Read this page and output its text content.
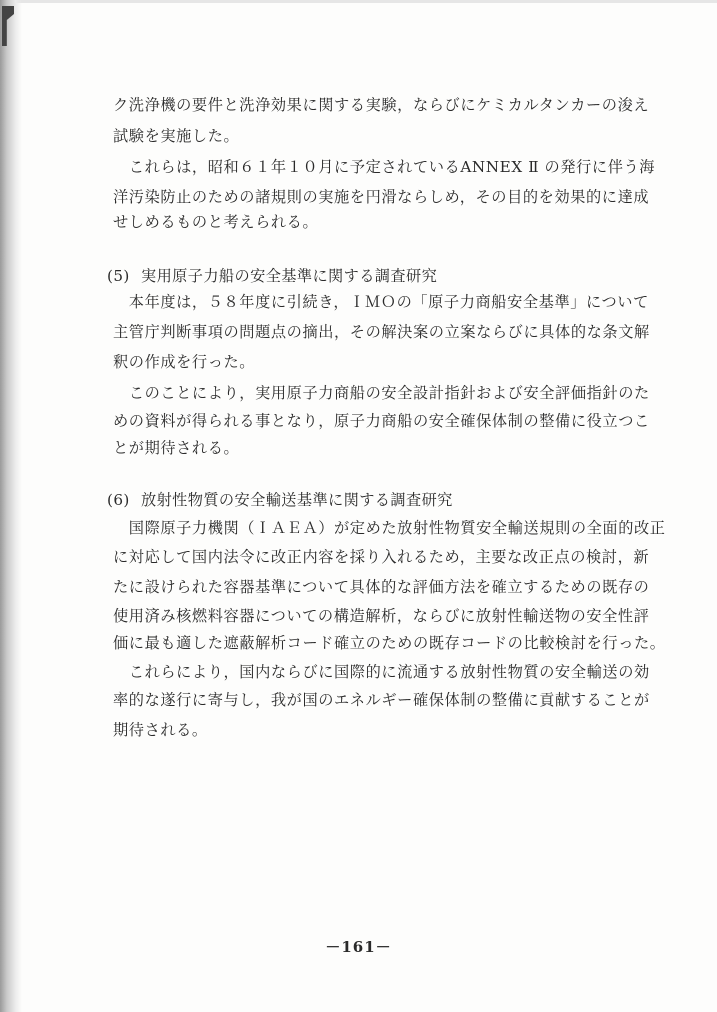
ク洗浄機の要件と洗浄効果に関する実験，ならびにケミカルタンカーの浚え
試験を実施した。
　これらは，昭和６１年１０月に予定されているANNEX Ⅱ の発行に伴う海
洋汚染防止のための諸規則の実施を円滑ならしめ，その目的を効果的に達成
せしめるものと考えられる。
(5) 実用原子力船の安全基準に関する調査研究
　本年度は，５８年度に引続き，ＩＭＯの「原子力商船安全基準」について
主管庁判断事項の問題点の摘出，その解決案の立案ならびに具体的な条文解
釈の作成を行った。
　このことにより，実用原子力商船の安全設計指針および安全評価指針のた
めの資料が得られる事となり，原子力商船の安全確保体制の整備に役立つこ
とが期待される。
(6) 放射性物質の安全輸送基準に関する調査研究
　国際原子力機関（ＩＡＥＡ）が定めた放射性物質安全輸送規則の全面的改正
に対応して国内法令に改正内容を採り入れるため，主要な改正点の検討，新
たに設けられた容器基準について具体的な評価方法を確立するための既存の
使用済み核燃料容器についての構造解析，ならびに放射性輸送物の安全性評
価に最も適した遮蔽解析コード確立のための既存コードの比較検討を行った。
　これらにより，国内ならびに国際的に流通する放射性物質の安全輸送の効
率的な遂行に寄与し，我が国のエネルギー確保体制の整備に貢献することが
期待される。
－161－
